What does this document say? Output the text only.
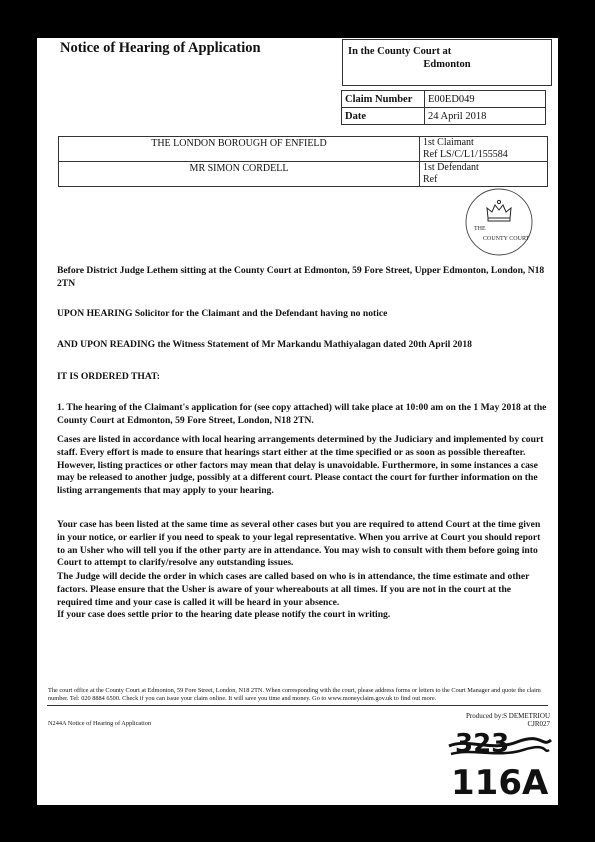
Notice of Hearing of Application	In the County Court at
Edmonton
Claim Number	E00ED049
Date	24 April 2018
THE LONDON BOROUGH OF ENFIELD	1st Claimant
Ref LS/C/L1/155584

MR SIMON CORDELL	1st Defendant
Ref
THE
COUNTY COURT
Before District Judge Lethem sitting at the County Court at Edmonton, 59 Fore Street, Upper Edmonton, London, N18 2TN
UPON HEARING Solicitor for the Claimant and the Defendant having no notice
AND UPON READING the Witness Statement of Mr Markandu Mathiyalagan dated 20th April 2018
IT IS ORDERED THAT:
1. The hearing of the Claimant's application for (see copy attached) will take place at 10:00 am on the 1 May 2018 at the County Court at Edmonton, 59 Fore Street, London, N18 2TN.
Cases are listed in accordance with local hearing arrangements determined by the Judiciary and implemented by court staff. Every effort is made to ensure that hearings start either at the time specified or as soon as possible thereafter. However, listing practices or other factors may mean that delay is unavoidable. Furthermore, in some instances a case may be released to another judge, possibly at a different court. Please contact the court for further information on the listing arrangements that may apply to your hearing.
Your case has been listed at the same time as several other cases but you are required to attend Court at the time given in your notice, or earlier if you need to speak to your legal representative. When you arrive at Court you should report to an Usher who will tell you if the other party are in attendance. You may wish to consult with them before going into Court to attempt to clarify/resolve any outstanding issues.
The Judge will decide the order in which cases are called based on who is in attendance, the time estimate and other factors. Please ensure that the Usher is aware of your whereabouts at all times. If you are not in the court at the required time and your case is called it will be heard in your absence.
If your case does settle prior to the hearing date please notify the court in writing.
The court office at the County Court at Edmonton, 59 Fore Street, London, N18 2TN. When corresponding with the court, please address forms or letters to the Court Manager and quote the claim number. Tel: 020 8884 6500. Check if you can issue your claim online. It will save you time and money. Go to www.moneyclaim.gov.uk to find out more.
N244A Notice of Hearing of Application
Produced by:S DEMETRIOU
CJR027
323
116A
